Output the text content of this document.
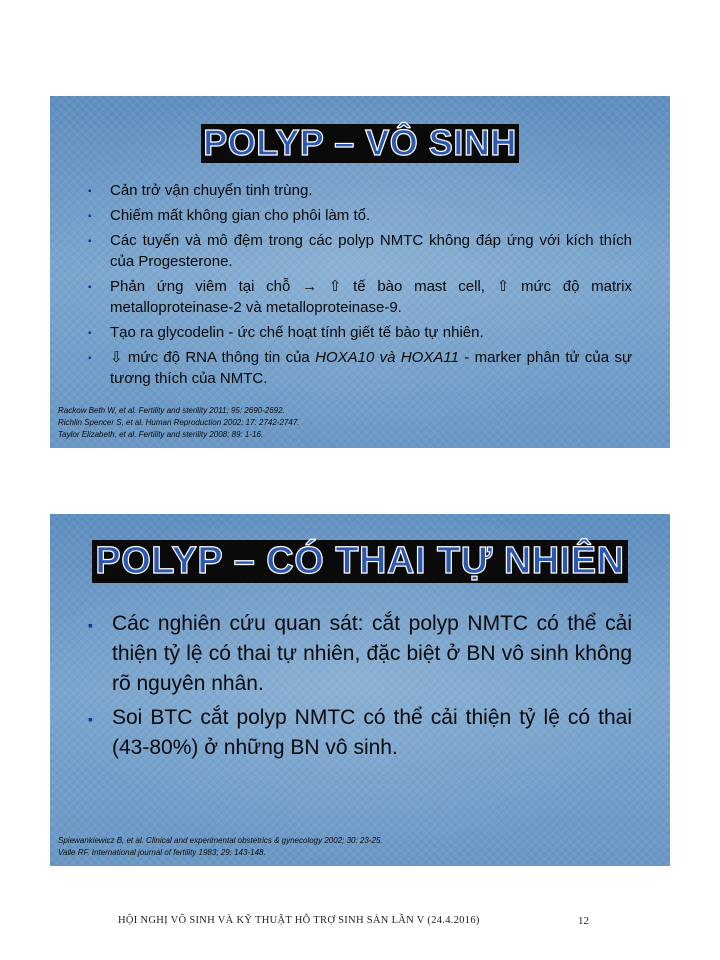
POLYP – VÔ SINH
▪ Cản trở vận chuyển tinh trùng.
▪ Chiếm mất không gian cho phôi làm tổ.
▪ Các tuyến và mô đệm trong các polyp NMTC không đáp ứng với kích thích của Progesterone.
▪ Phản ứng viêm tại chỗ → ⇧ tế bào mast cell, ⇧ mức độ matrix metalloproteinase-2 và metalloproteinase-9.
▪ Tạo ra glycodelin - ức chế hoạt tính giết tế bào tự nhiên.
▪ ⇩ mức độ RNA thông tin của HOXA10 và HOXA11 - marker phân tử của sự tương thích của NMTC.
Rackow Beth W, et al. Fertility and sterility 2011; 95: 2690-2692.
Richlin Spencer S, et al. Human Reproduction 2002; 17: 2742-2747.
Taylor Elizabeth, et al. Fertility and sterility 2008; 89: 1-16.
POLYP – CÓ THAI TỰ NHIÊN
▪ Các nghiên cứu quan sát: cắt polyp NMTC có thể cải thiện tỷ lệ có thai tự nhiên, đặc biệt ở BN vô sinh không rõ nguyên nhân.
▪ Soi BTC cắt polyp NMTC có thể cải thiện tỷ lệ có thai (43-80%) ở những BN vô sinh.
Spiewankiewicz B, et al. Clinical and experimental obstetrics & gynecology 2002; 30: 23-25.
Valle RF. International journal of fertility 1983; 29: 143-148.
HỘI NGHỊ VÔ SINH VÀ KỸ THUẬT HỖ TRỢ SINH SẢN LẦN V (24.4.2016)	12
